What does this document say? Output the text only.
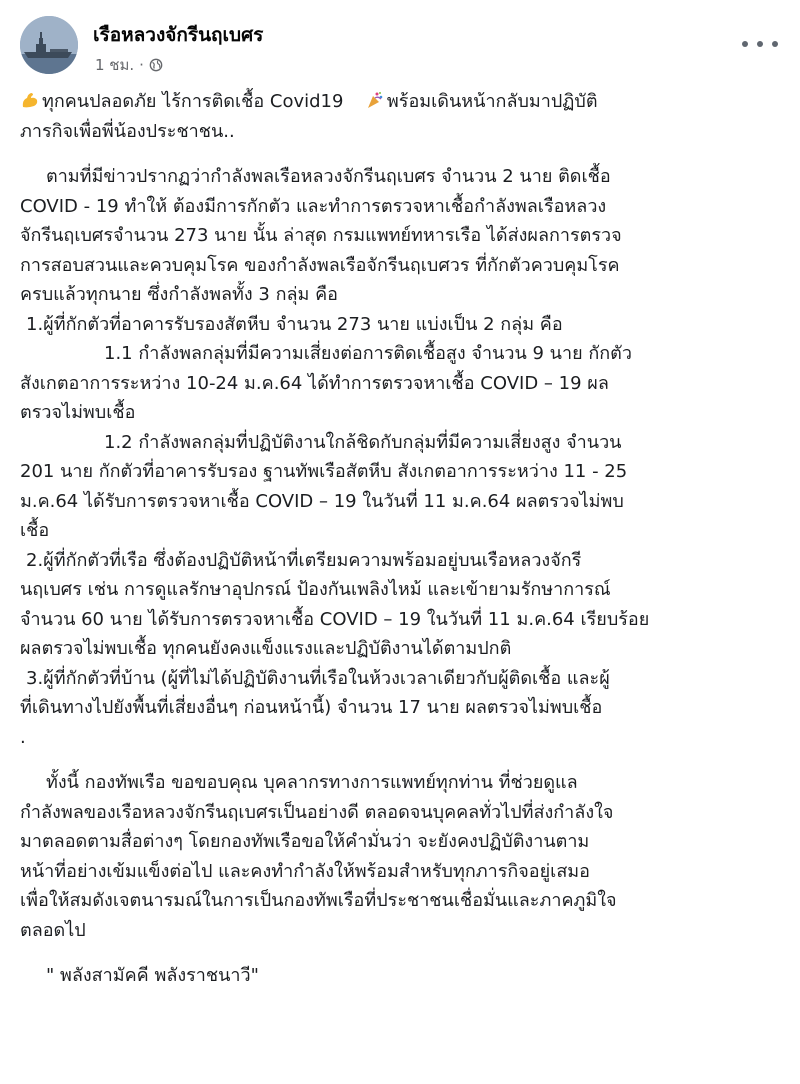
เรือหลวงจักรีนฤเบศร
1 ชม. ·
ทุกคนปลอดภัย ไร้การติดเชื้อ Covid19 พร้อมเดินหน้ากลับมาปฏิบัติ
ภารกิจเพื่อพี่น้องประชาชน..
ตามที่มีข่าวปรากฏว่ากำลังพลเรือหลวงจักรีนฤเบศร จำนวน 2 นาย ติดเชื้อ
COVID - 19 ทำให้ ต้องมีการกักตัว และทำการตรวจหาเชื้อกำลังพลเรือหลวง
จักรีนฤเบศรจำนวน 273 นาย นั้น ล่าสุด กรมแพทย์ทหารเรือ ได้ส่งผลการตรวจ
การสอบสวนและควบคุมโรค ของกำลังพลเรือจักรีนฤเบศวร ที่กักตัวควบคุมโรค
ครบแล้วทุกนาย ซึ่งกำลังพลทั้ง 3 กลุ่ม คือ
1.ผู้ที่กักตัวที่อาคารรับรองสัตหีบ จำนวน 273 นาย แบ่งเป็น 2 กลุ่ม คือ
1.1 กำลังพลกลุ่มที่มีความเสี่ยงต่อการติดเชื้อสูง จำนวน 9 นาย กักตัว
สังเกตอาการระหว่าง 10-24 ม.ค.64 ได้ทำการตรวจหาเชื้อ COVID – 19 ผล
ตรวจไม่พบเชื้อ
1.2 กำลังพลกลุ่มที่ปฏิบัติงานใกล้ชิดกับกลุ่มที่มีความเสี่ยงสูง จำนวน
201 นาย กักตัวที่อาคารรับรอง ฐานทัพเรือสัตหีบ สังเกตอาการระหว่าง 11 - 25
ม.ค.64 ได้รับการตรวจหาเชื้อ COVID – 19 ในวันที่ 11 ม.ค.64 ผลตรวจไม่พบ
เชื้อ
2.ผู้ที่กักตัวที่เรือ ซึ่งต้องปฏิบัติหน้าที่เตรียมความพร้อมอยู่บนเรือหลวงจักรี
นฤเบศร เช่น การดูแลรักษาอุปกรณ์ ป้องกันเพลิงไหม้ และเข้ายามรักษาการณ์
จำนวน 60 นาย ได้รับการตรวจหาเชื้อ COVID – 19 ในวันที่ 11 ม.ค.64 เรียบร้อย
ผลตรวจไม่พบเชื้อ ทุกคนยังคงแข็งแรงและปฏิบัติงานได้ตามปกติ
3.ผู้ที่กักตัวที่บ้าน (ผู้ที่ไม่ได้ปฏิบัติงานที่เรือในห้วงเวลาเดียวกับผู้ติดเชื้อ และผู้
ที่เดินทางไปยังพื้นที่เสี่ยงอื่นๆ ก่อนหน้านี้) จำนวน 17 นาย ผลตรวจไม่พบเชื้อ
.
ทั้งนี้ กองทัพเรือ ขอขอบคุณ บุคลากรทางการแพทย์ทุกท่าน ที่ช่วยดูแล
กำลังพลของเรือหลวงจักรีนฤเบศรเป็นอย่างดี ตลอดจนบุคคลทั่วไปที่ส่งกำลังใจ
มาตลอดตามสื่อต่างๆ โดยกองทัพเรือขอให้คำมั่นว่า จะยังคงปฏิบัติงานตาม
หน้าที่อย่างเข้มแข็งต่อไป และคงทำกำลังให้พร้อมสำหรับทุกภารกิจอยู่เสมอ
เพื่อให้สมดังเจตนารมณ์ในการเป็นกองทัพเรือที่ประชาชนเชื่อมั่นและภาคภูมิใจ
ตลอดไป
" พลังสามัคคี พลังราชนาวี"
